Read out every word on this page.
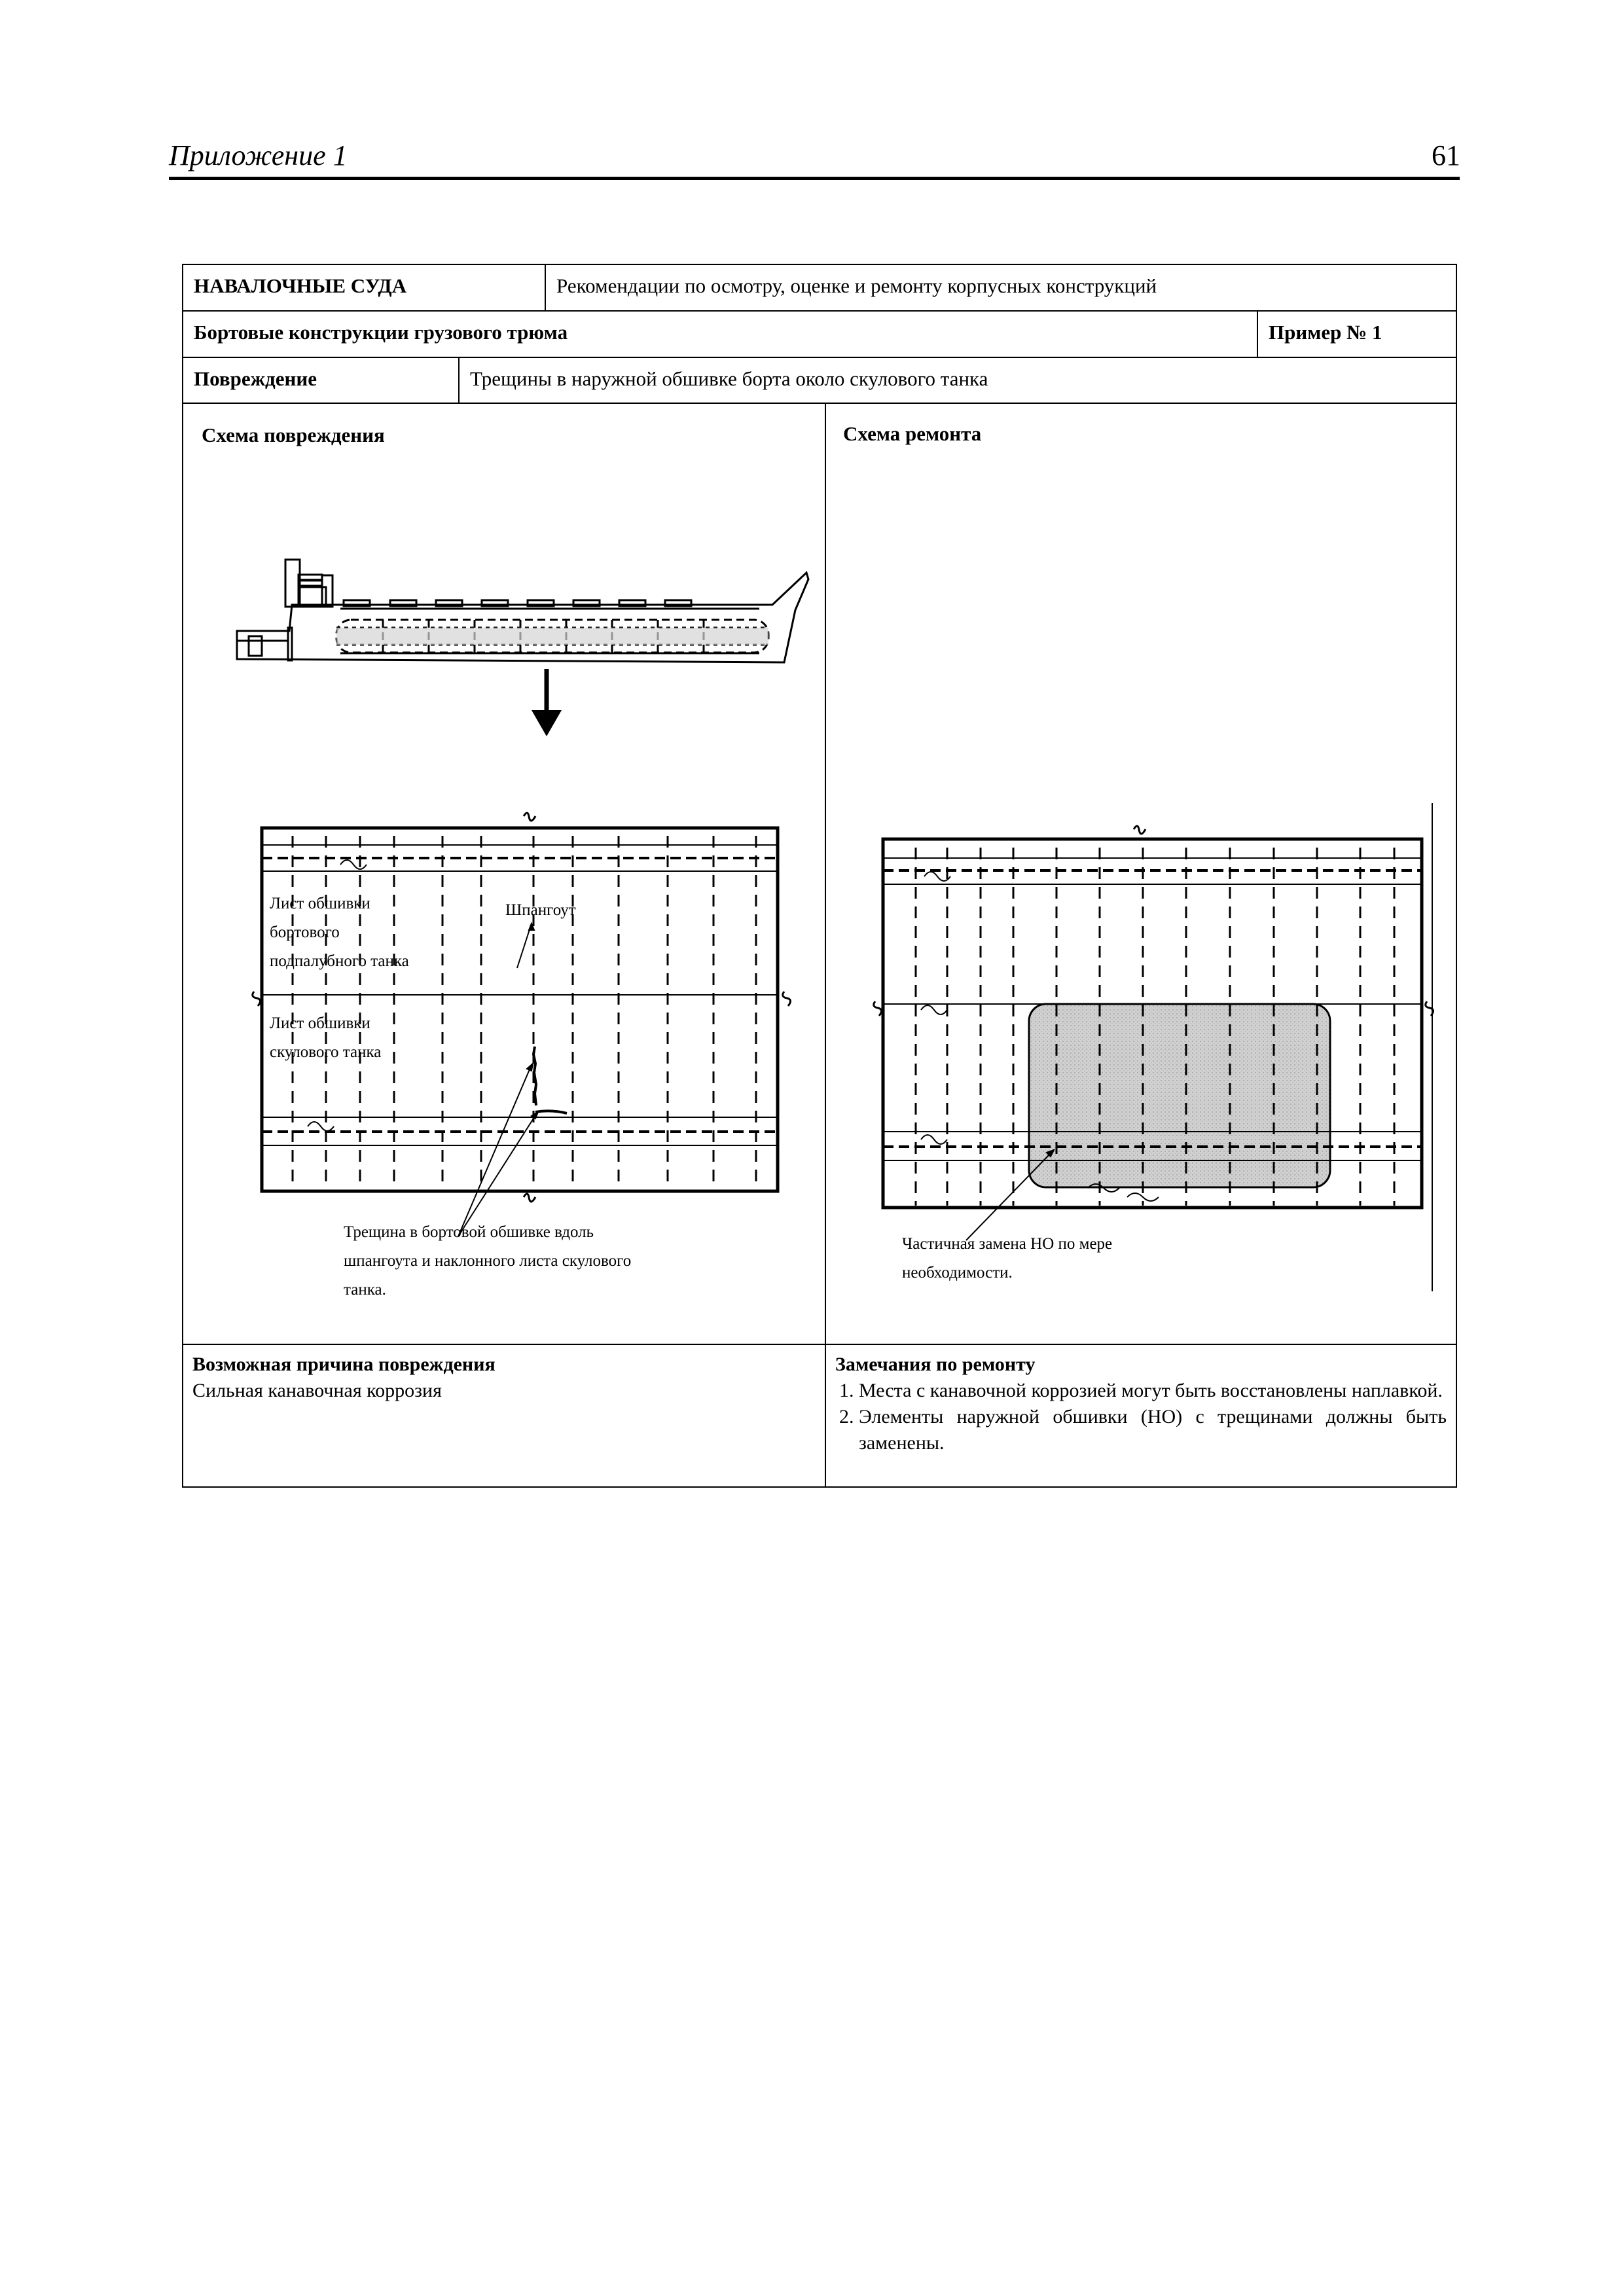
Приложение 1	61
НАВАЛОЧНЫЕ СУДА	Рекомендации по осмотру, оценке и ремонту корпусных конструкций
Бортовые конструкции грузового трюма	Пример № 1
Повреждение	Трещины в наружной обшивке борта около скулового танка
Схема повреждения
Лист обшивки
бортового
подпалубного танка
Шпангоут
Лист обшивки
скулового танка
Трещина в бортовой обшивке вдоль
шпангоута и наклонного листа скулового
танка.
Схема ремонта
Частичная замена НО по мере
необходимости.
Возможная причина повреждения
Сильная канавочная коррозия
Замечания по ремонту
1. Места с канавочной коррозией могут быть восстановлены наплавкой.
2. Элементы наружной обшивки (НО) с трещинами должны быть заменены.
